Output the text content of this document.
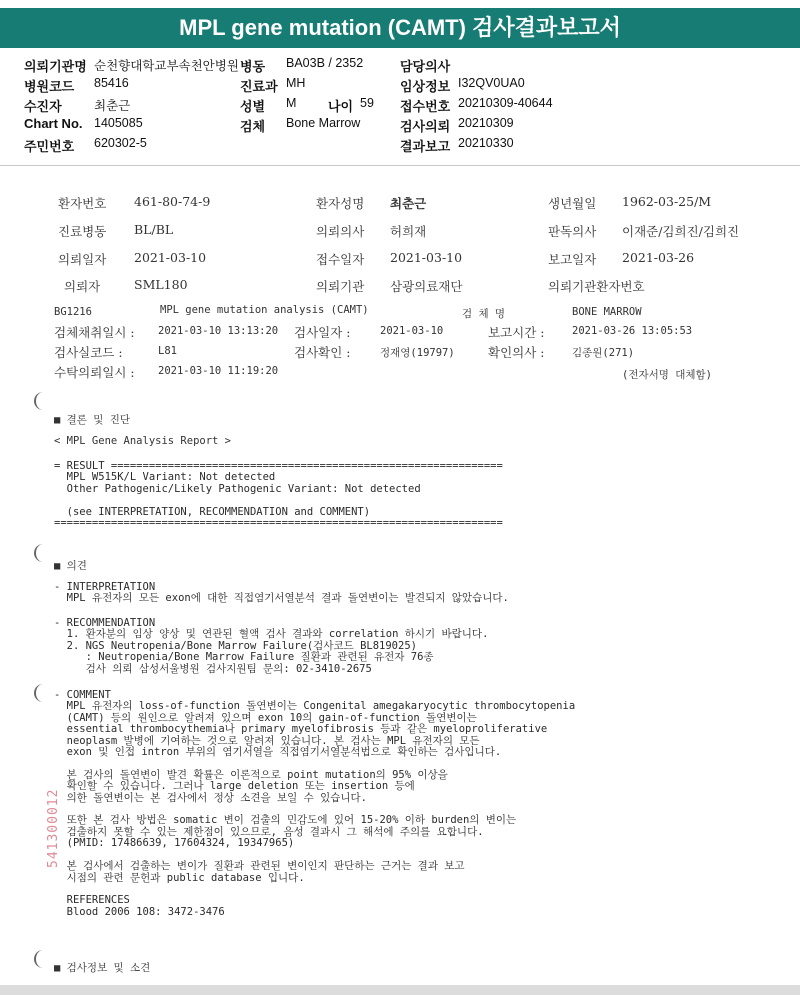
MPL gene mutation (CAMT) 검사결과보고서
의뢰기관명 순천향대학교부속천안병원 병동 BA03B / 2352	담당의사
병원코드 85416	진료과 MH	임상정보 I32QV0UA0
수진자	최춘근	성별 M 나이 59 접수번호 20210309-40644
Chart No. 1405085	검체 Bone Marrow	검사의뢰 20210309
주민번호 620302-5	결과보고 20210330
환자번호 461-80-74-9	환자성명 최춘근	생년월일 1962-03-25/M
진료병동 BL/BL	의뢰의사 허희재	판독의사 이재준/김희진/김희진
의뢰일자 2021-03-10	접수일자 2021-03-10	보고일자 2021-03-26
의뢰자	SML180	의뢰기관 삼광의료재단	의뢰기관환자번호
BG1216	MPL gene mutation analysis (CAMT)	검 체 명	BONE MARROW
검체채취일시 : 2021-03-10 13:13:20 검사일자 :	2021-03-10	보고시간 :	2021-03-26 13:05:53
검사실코드 :	L81	검사확인 :	정재영(19797)	확인의사 :	김종원(271)
수탁의뢰일시 : 2021-03-10 11:19:20	(전자서명 대체함)
■ 결론 및 진단
< MPL Gene Analysis Report >
= RESULT ==============================================================
MPL W515K/L Variant: Not detected
Other Pathogenic/Likely Pathogenic Variant: Not detected

(see INTERPRETATION, RECOMMENDATION and COMMENT)
=======================================================================
■ 의견
- INTERPRETATION
MPL 유전자의 모든 exon에 대한 직접염기서열분석 결과 돌연변이는 발견되지 않았습니다.
- RECOMMENDATION
1. 환자분의 임상 양상 및 연관된 혈액 검사 결과와 correlation 하시기 바랍니다.
2. NGS Neutropenia/Bone Marrow Failure(검사코드 BL819025)
: Neutropenia/Bone Marrow Failure 질환과 관련된 유전자 76종
검사 의뢰 삼성서울병원 검사지원팀 문의: 02-3410-2675
- COMMENT
MPL 유전자의 loss-of-function 돌연변이는 Congenital amegakaryocytic thrombocytopenia
(CAMT) 등의 원인으로 알려져 있으며 exon 10의 gain-of-function 돌연변이는
essential thrombocythemia나 primary myelofibrosis 등과 같은 myeloproliferative
neoplasm 발병에 기여하는 것으로 알려져 있습니다. 본 검사는 MPL 유전자의 모든
exon 및 인접 intron 부위의 염기서열을 직접염기서열분석법으로 확인하는 검사입니다.

본 검사의 돌연변이 발견 확률은 이론적으로 point mutation의 95% 이상을
확인할 수 있습니다. 그러나 large deletion 또는 insertion 등에
의한 돌연변이는 본 검사에서 정상 소견을 보일 수 있습니다.

또한 본 검사 방법은 somatic 변이 검출의 민감도에 있어 15-20% 이하 burden의 변이는
검출하지 못할 수 있는 제한점이 있으므로, 음성 결과시 그 해석에 주의를 요합니다.
(PMID: 17486639, 17604324, 19347965)

본 검사에서 검출하는 변이가 질환과 관련된 변이인지 판단하는 근거는 결과 보고
시점의 관련 문헌과 public database 입니다.

REFERENCES
Blood 2006 108: 3472-3476
■ 검사정보 및 소견
541300012
